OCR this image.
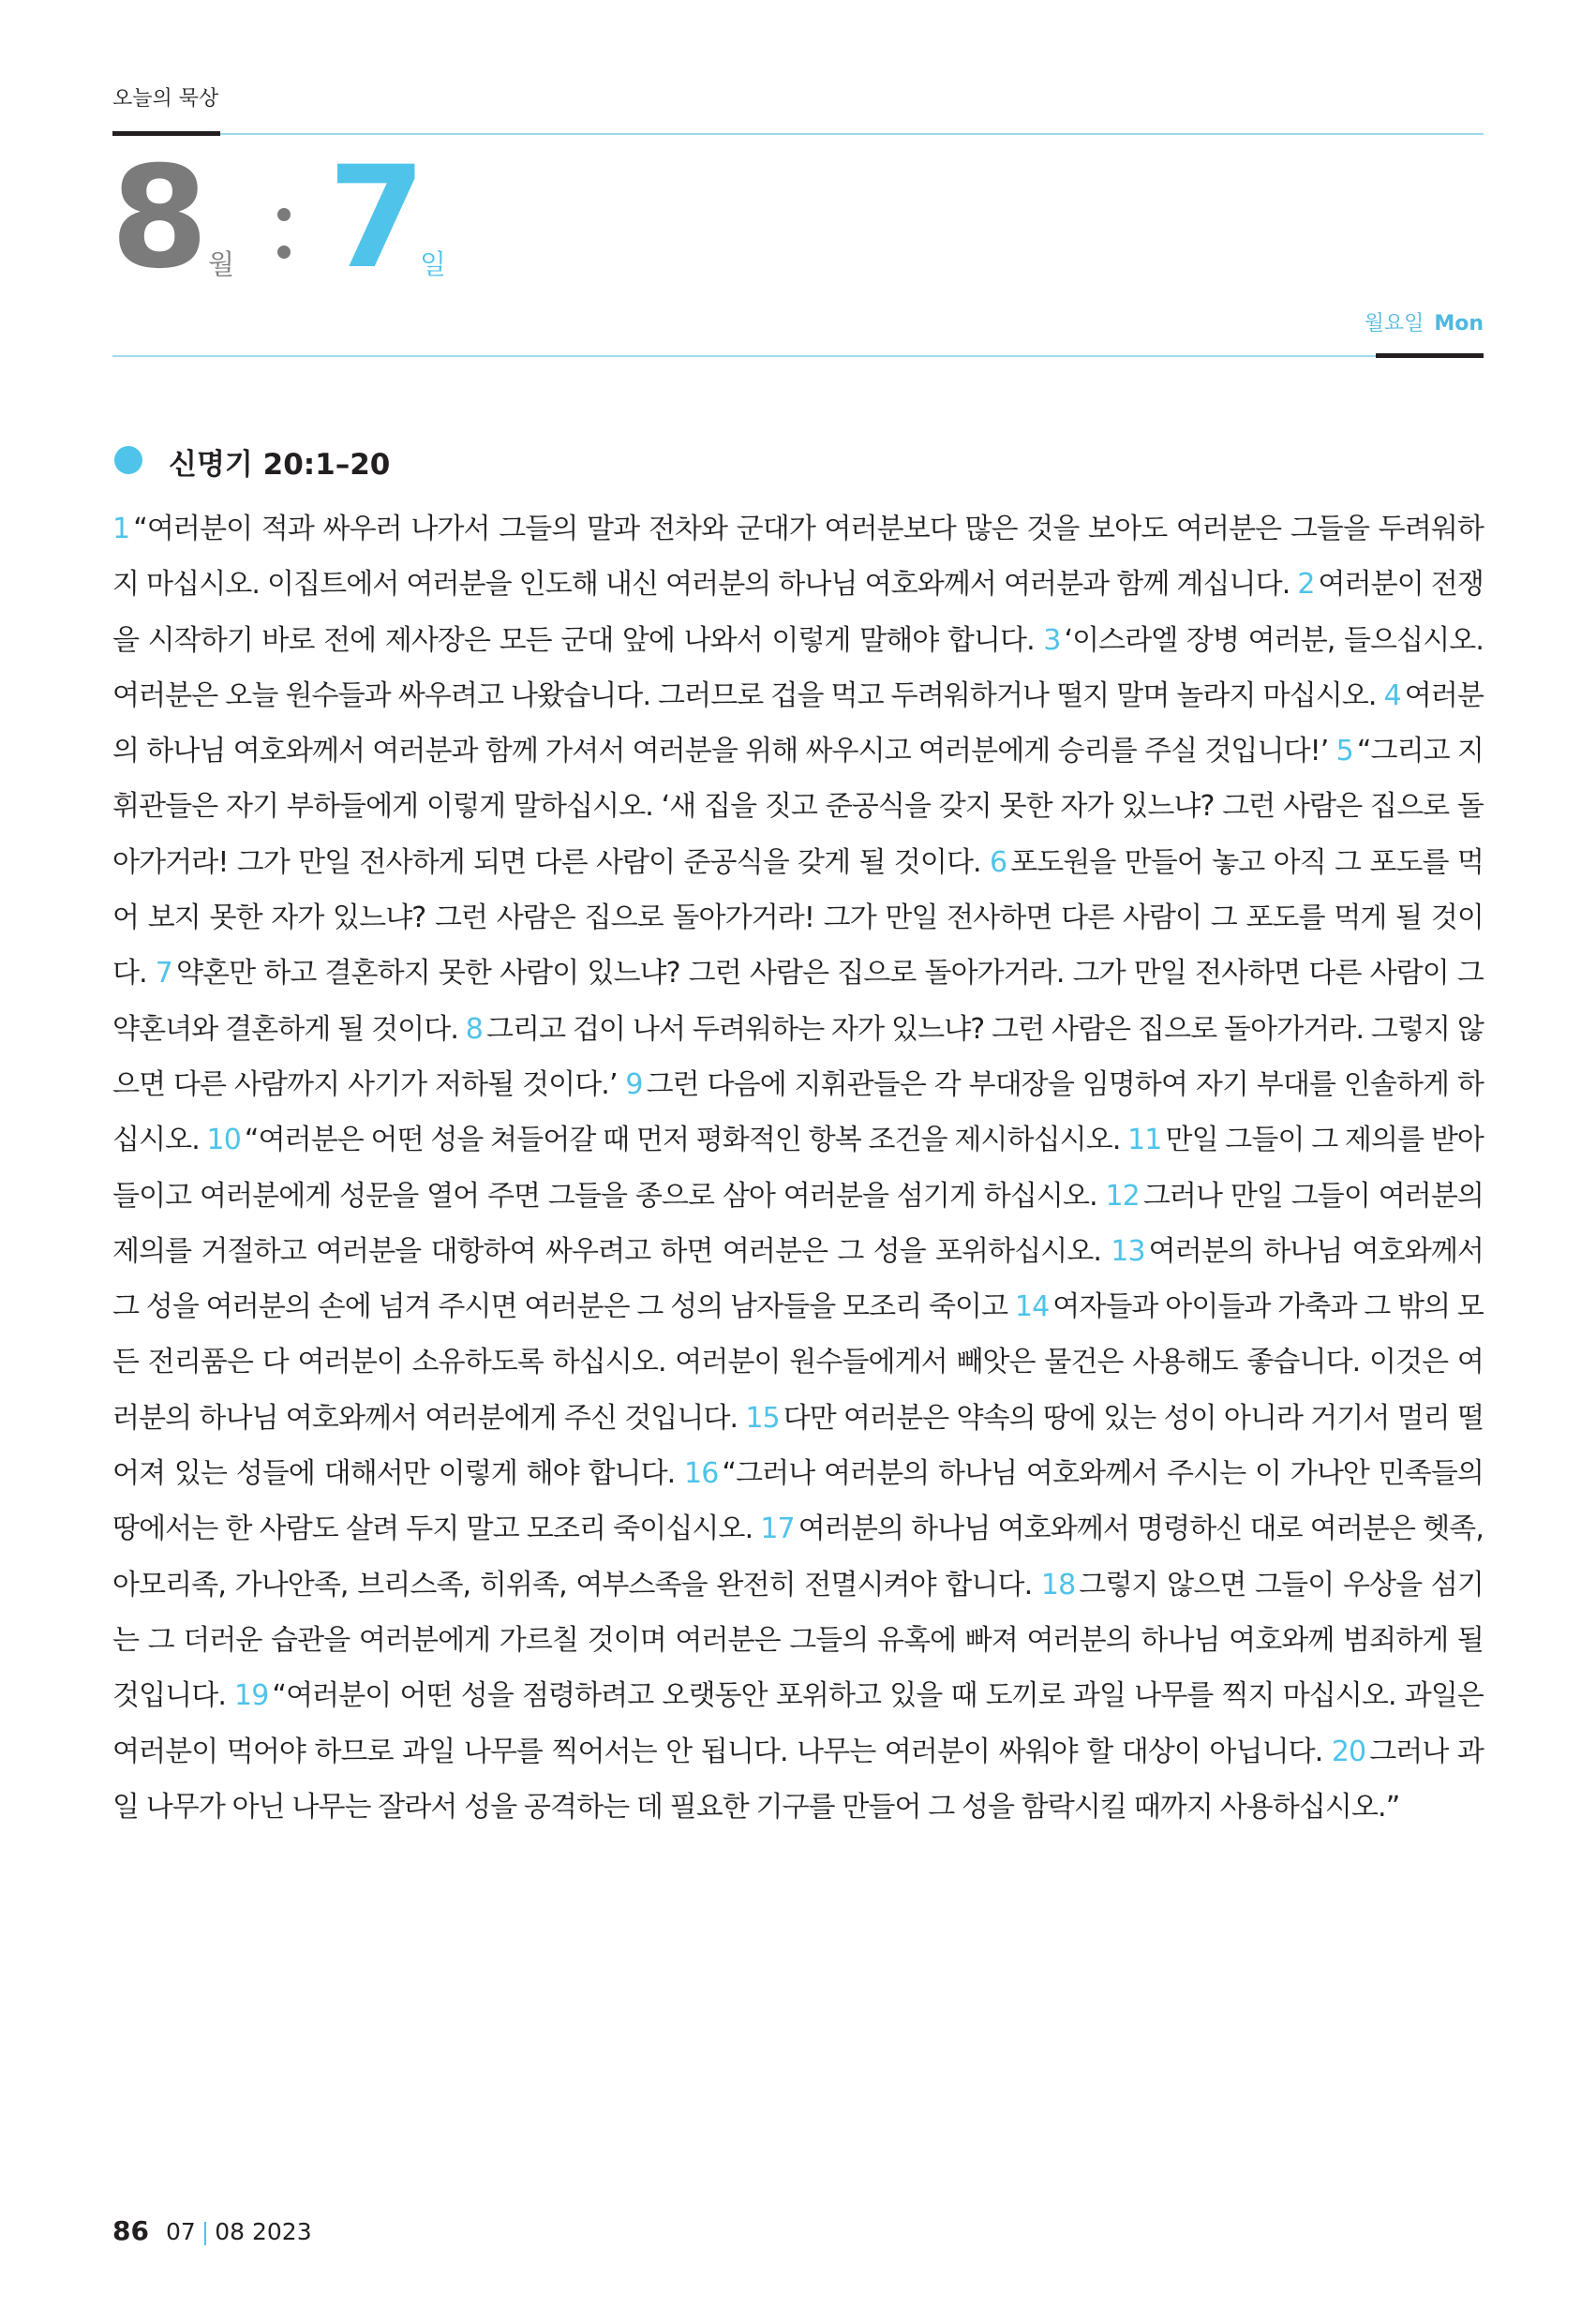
오늘의 묵상
8 월 7
일
월요일 Mon
신명기 20:1–20

1 “여러분이 적과 싸우러 나가서 그들의 말과 전차와 군대가 여러분보다 많은 것을 보아도 여러분은 그들을 두려워하지 마십시오. 이집트에서 여러분을 인도해 내신 여러분의 하나님 여호와께서 여러분과 함께 계십니다. 2 여러분이 전쟁을 시작하기 바로 전에 제사장은 모든 군대 앞에 나와서 이렇게 말해야 합니다. 3 ‘이스라엘 장병 여러분, 들으십시오. 여러분은 오늘 원수들과 싸우려고 나왔습니다. 그러므로 겁을 먹고 두려워하거나 떨지 말며 놀라지 마십시오. 4 여러분의 하나님 여호와께서 여러분과 함께 가셔서 여러분을 위해 싸우시고 여러분에게 승리를 주실 것입니다!’ 5 “그리고 지휘관들은 자기 부하들에게 이렇게 말하십시오. ‘새 집을 짓고 준공식을 갖지 못한 자가 있느냐? 그런 사람은 집으로 돌아가거라! 그가 만일 전사하게 되면 다른 사람이 준공식을 갖게 될 것이다. 6 포도원을 만들어 놓고 아직 그 포도를 먹어 보지 못한 자가 있느냐? 그런 사람은 집으로 돌아가거라! 그가 만일 전사하면 다른 사람이 그 포도를 먹게 될 것이다. 7 약혼만 하고 결혼하지 못한 사람이 있느냐? 그런 사람은 집으로 돌아가거라. 그가 만일 전사하면 다른 사람이 그 약혼녀와 결혼하게 될 것이다. 8 그리고 겁이 나서 두려워하는 자가 있느냐? 그런 사람은 집으로 돌아가거라. 그렇지 않으면 다른 사람까지 사기가 저하될 것이다.’ 9 그런 다음에 지휘관들은 각 부대장을 임명하여 자기 부대를 인솔하게 하십시오. 10 “여러분은 어떤 성을 쳐들어갈 때 먼저 평화적인 항복 조건을 제시하십시오. 11 만일 그들이 그 제의를 받아들이고 여러분에게 성문을 열어 주면 그들을 종으로 삼아 여러분을 섬기게 하십시오. 12 그러나 만일 그들이 여러분의 제의를 거절하고 여러분을 대항하여 싸우려고 하면 여러분은 그 성을 포위하십시오. 13 여러분의 하나님 여호와께서 그 성을 여러분의 손에 넘겨 주시면 여러분은 그 성의 남자들을 모조리 죽이고 14 여자들과 아이들과 가축과 그 밖의 모든 전리품은 다 여러분이 소유하도록 하십시오. 여러분이 원수들에게서 빼앗은 물건은 사용해도 좋습니다. 이것은 여러분의 하나님 여호와께서 여러분에게 주신 것입니다. 15 다만 여러분은 약속의 땅에 있는 성이 아니라 거기서 멀리 떨어져 있는 성들에 대해서만 이렇게 해야 합니다. 16 “그러나 여러분의 하나님 여호와께서 주시는 이 가나안 민족들의 땅에서는 한 사람도 살려 두지 말고 모조리 죽이십시오. 17 여러분의 하나님 여호와께서 명령하신 대로 여러분은 헷족, 아모리족, 가나안족, 브리스족, 히위족, 여부스족을 완전히 전멸시켜야 합니다. 18 그렇지 않으면 그들이 우상을 섬기는 그 더러운 습관을 여러분에게 가르칠 것이며 여러분은 그들의 유혹에 빠져 여러분의 하나님 여호와께 범죄하게 될 것입니다. 19 “여러분이 어떤 성을 점령하려고 오랫동안 포위하고 있을 때 도끼로 과일 나무를 찍지 마십시오. 과일은 여러분이 먹어야 하므로 과일 나무를 찍어서는 안 됩니다. 나무는 여러분이 싸워야 할 대상이 아닙니다. 20 그러나 과일 나무가 아닌 나무는 잘라서 성을 공격하는 데 필요한 기구를 만들어 그 성을 함락시킬 때까지 사용하십시오.”

86 07 | 08 2023
